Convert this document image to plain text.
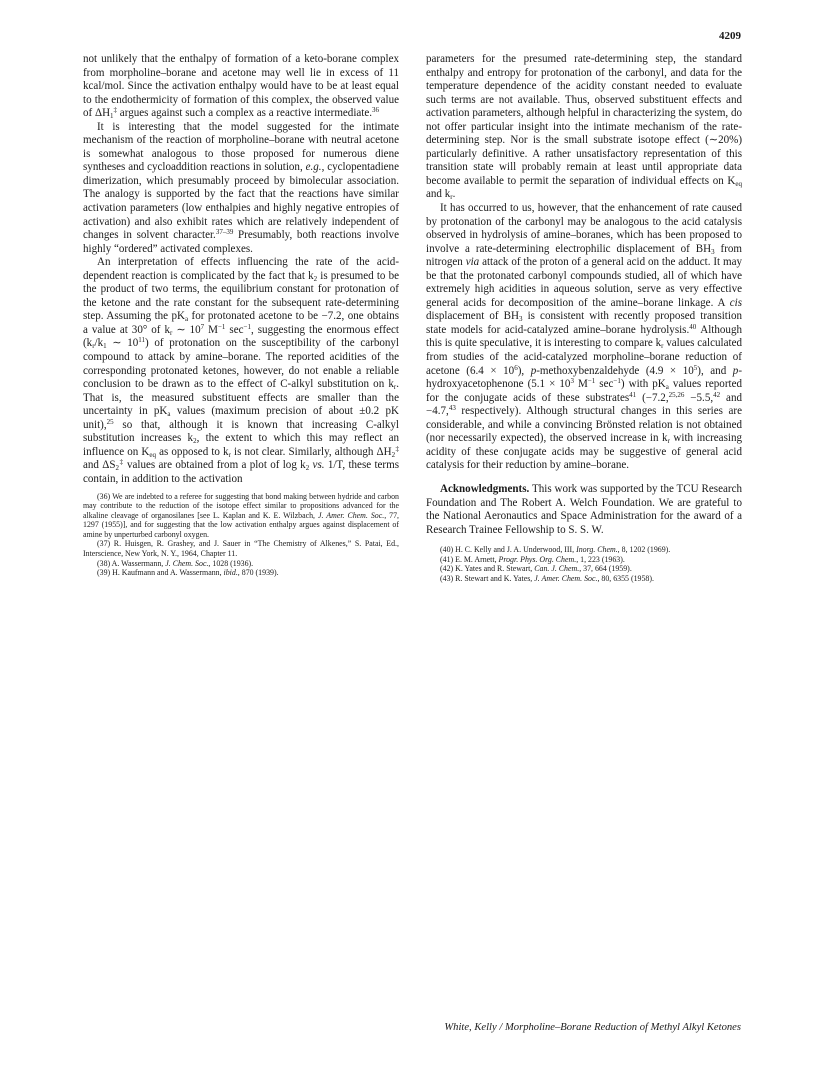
4209

not unlikely that the enthalpy of formation of a keto-borane complex from morpholine–borane and acetone may well lie in excess of 11 kcal/mol. Since the activation enthalpy would have to be at least equal to the endothermicity of formation of this complex, the observed value of $\Delta H_1^\ddagger$ argues against such a complex as a reactive intermediate.$^{36}$

It is interesting that the model suggested for the intimate mechanism of the reaction of morpholine–borane with neutral acetone is somewhat analogous to those proposed for numerous diene syntheses and cycloaddition reactions in solution, e.g., cyclopentadiene dimerization, which presumably proceed by bimolecular association. The analogy is supported by the fact that the reactions have similar activation parameters (low enthalpies and highly negative entropies of activation) and also exhibit rates which are relatively independent of changes in solvent character.$^{37-39}$ Presumably, both reactions involve highly “ordered” activated complexes.

An interpretation of effects influencing the rate of the acid-dependent reaction is complicated by the fact that $k_2$ is presumed to be the product of two terms, the equilibrium constant for protonation of the ketone and the rate constant for the subsequent rate-determining step. Assuming the $pK_a$ for protonated acetone to be −7.2, one obtains a value at 30° of $k_r$ ∼ $10^7$ $M^{-1}$ $\sec^{-1}$, suggesting the enormous effect ($k_r/k_1$ ∼ $10^{11}$) of protonation on the susceptibility of the carbonyl compound to attack by amine–borane. The reported acidities of the corresponding protonated ketones, however, do not enable a reliable conclusion to be drawn as to the effect of C-alkyl substitution on $k_r$. That is, the measured substituent effects are smaller than the uncertainty in $pK_a$ values (maximum precision of about ±0.2 pK unit),$^{25}$ so that, although it is known that increasing C-alkyl substitution increases $k_2$, the extent to which this may reflect an influence on $K_{eq}$ as opposed to $k_r$ is not clear. Similarly, although $\Delta H_2^\ddagger$ and $\Delta S_2^\ddagger$ values are obtained from a plot of $\log k_2$ vs. 1/T, these terms contain, in addition to the activation

(36) We are indebted to a referee for suggesting that bond making between hydride and carbon may contribute to the reduction of the isotope effect similar to propositions advanced for the alkaline cleavage of organosilanes [see L. Kaplan and K. E. Wilzbach, J. Amer. Chem. Soc., 77, 1297 (1955)], and for suggesting that the low activation enthalpy argues against displacement of amine by unperturbed carbonyl oxygen.

(37) R. Huisgen, R. Grashey, and J. Sauer in “The Chemistry of Alkenes,” S. Patai, Ed., Interscience, New York, N. Y., 1964, Chapter 11.

(38) A. Wassermann, J. Chem. Soc., 1028 (1936).

(39) H. Kaufmann and A. Wassermann, ibid., 870 (1939).

parameters for the presumed rate-determining step, the standard enthalpy and entropy for protonation of the carbonyl, and data for the temperature dependence of the acidity constant needed to evaluate such terms are not available. Thus, observed substituent effects and activation parameters, although helpful in characterizing the system, do not offer particular insight into the intimate mechanism of the rate-determining step. Nor is the small substrate isotope effect (∼20%) particularly definitive. A rather unsatisfactory representation of this transition state will probably remain at least until appropriate data become available to permit the separation of individual effects on $K_{eq}$ and $k_r$.

It has occurred to us, however, that the enhancement of rate caused by protonation of the carbonyl may be analogous to the acid catalysis observed in hydrolysis of amine–boranes, which has been proposed to involve a rate-determining electrophilic displacement of $BH_3$ from nitrogen via attack of the proton of a general acid on the adduct. It may be that the protonated carbonyl compounds studied, all of which have extremely high acidities in aqueous solution, serve as very effective general acids for decomposition of the amine–borane linkage. A cis displacement of $BH_3$ is consistent with recently proposed transition state models for acid-catalyzed amine–borane hydrolysis.$^{40}$ Although this is quite speculative, it is interesting to compare $k_r$ values calculated from studies of the acid-catalyzed morpholine–borane reduction of acetone $(6.4 \times 10^6)$, p-methoxybenzaldehyde $(4.9 \times 10^5)$, and p-hydroxyacetophenone ($5.1 \times 10^3$ $M^{-1}$ $\sec^{-1}$) with $pK_a$ values reported for the conjugate acids of these substrates$^{41}$ (−7.2,$^{25,26}$ −5.5,42 and −4.7,43 respectively). Although structural changes in this series are considerable, and while a convincing Brönsted relation is not obtained (nor necessarily expected), the observed increase in $k_r$ with increasing acidity of these conjugate acids may be suggestive of general acid catalysis for their reduction by amine–borane.

Acknowledgments. This work was supported by the TCU Research Foundation and The Robert A. Welch Foundation. We are grateful to the National Aeronautics and Space Administration for the award of a Research Trainee Fellowship to S. S. W.

(40) H. C. Kelly and J. A. Underwood, III, Inorg. Chem., 8, 1202 (1969).

(41) E. M. Arnett, Progr. Phys. Org. Chem., 1, 223 (1963).

(42) K. Yates and R. Stewart, Can. J. Chem., 37, 664 (1959).

(43) R. Stewart and K. Yates, J. Amer. Chem. Soc., 80, 6355 (1958).

White, Kelly / Morpholine–Borane Reduction of Methyl Alkyl Ketones
